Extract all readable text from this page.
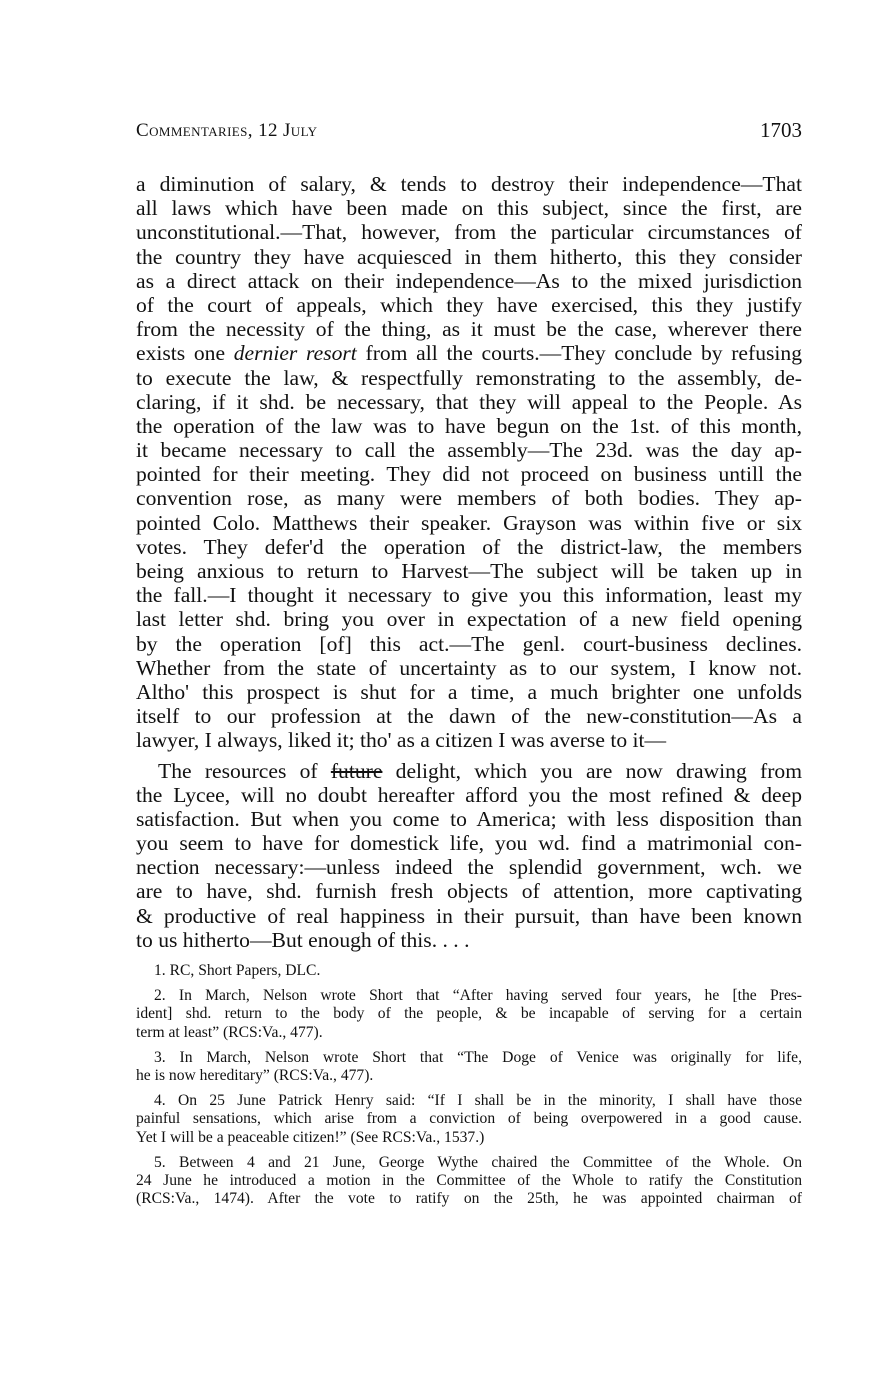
Commentaries, 12 July	1703
a diminution of salary, & tends to destroy their independence—That
all laws which have been made on this subject, since the first, are
unconstitutional.—That, however, from the particular circumstances of
the country they have acquiesced in them hitherto, this they consider
as a direct attack on their independence—As to the mixed jurisdiction
of the court of appeals, which they have exercised, this they justify
from the necessity of the thing, as it must be the case, wherever there
exists one dernier resort from all the courts.—They conclude by refusing
to execute the law, & respectfully remonstrating to the assembly, de-
claring, if it shd. be necessary, that they will appeal to the People. As
the operation of the law was to have begun on the 1st. of this month,
it became necessary to call the assembly—The 23d. was the day ap-
pointed for their meeting. They did not proceed on business untill the
convention rose, as many were members of both bodies. They ap-
pointed Colo. Matthews their speaker. Grayson was within five or six
votes. They defer'd the operation of the district-law, the members
being anxious to return to Harvest—The subject will be taken up in
the fall.—I thought it necessary to give you this information, least my
last letter shd. bring you over in expectation of a new field opening
by the operation [of] this act.—The genl. court-business declines.
Whether from the state of uncertainty as to our system, I know not.
Altho' this prospect is shut for a time, a much brighter one unfolds
itself to our profession at the dawn of the new-constitution—As a
lawyer, I always, liked it; tho' as a citizen I was averse to it—
The resources of future delight, which you are now drawing from
the Lycee, will no doubt hereafter afford you the most refined & deep
satisfaction. But when you come to America; with less disposition than
you seem to have for domestick life, you wd. find a matrimonial con-
nection necessary:—unless indeed the splendid government, wch. we
are to have, shd. furnish fresh objects of attention, more captivating
& productive of real happiness in their pursuit, than have been known
to us hitherto—But enough of this. . . .
1. RC, Short Papers, DLC.
2. In March, Nelson wrote Short that “After having served four years, he [the Pres-
ident] shd. return to the body of the people, & be incapable of serving for a certain
term at least” (RCS:Va., 477).
3. In March, Nelson wrote Short that “The Doge of Venice was originally for life,
he is now hereditary” (RCS:Va., 477).
4. On 25 June Patrick Henry said: “If I shall be in the minority, I shall have those
painful sensations, which arise from a conviction of being overpowered in a good cause.
Yet I will be a peaceable citizen!” (See RCS:Va., 1537.)
5. Between 4 and 21 June, George Wythe chaired the Committee of the Whole. On
24 June he introduced a motion in the Committee of the Whole to ratify the Constitution
(RCS:Va., 1474). After the vote to ratify on the 25th, he was appointed chairman of
